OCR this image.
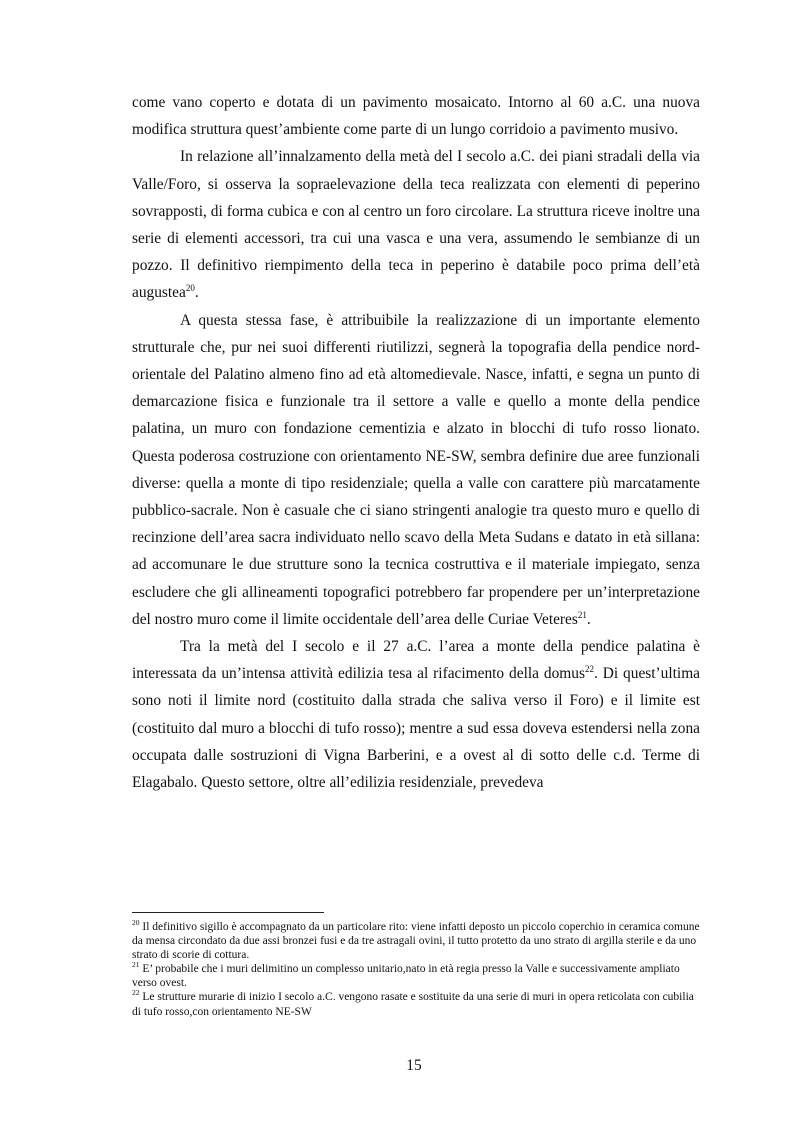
come vano coperto e dotata di un pavimento mosaicato. Intorno al 60 a.C. una nuova modifica struttura quest’ambiente come parte di un lungo corridoio a pavimento musivo.

In relazione all’innalzamento della metà del I secolo a.C. dei piani stradali della via Valle/Foro, si osserva la sopraelevazione della teca realizzata con elementi di peperino sovrapposti, di forma cubica e con al centro un foro circolare. La struttura riceve inoltre una serie di elementi accessori, tra cui una vasca e una vera, assumendo le sembianze di un pozzo. Il definitivo riempimento della teca in peperino è databile poco prima dell’età augustea$^{20}$.

A questa stessa fase, è attribuibile la realizzazione di un importante elemento strutturale che, pur nei suoi differenti riutilizzi, segnerà la topografia della pendice nord-orientale del Palatino almeno fino ad età altomedievale. Nasce, infatti, e segna un punto di demarcazione fisica e funzionale tra il settore a valle e quello a monte della pendice palatina, un muro con fondazione cementizia e alzato in blocchi di tufo rosso lionato. Questa poderosa costruzione con orientamento NE-SW, sembra definire due aree funzionali diverse: quella a monte di tipo residenziale; quella a valle con carattere più marcatamente pubblico-sacrale. Non è casuale che ci siano stringenti analogie tra questo muro e quello di recinzione dell’area sacra individuato nello scavo della Meta Sudans e datato in età sillana: ad accomunare le due strutture sono la tecnica costruttiva e il materiale impiegato, senza escludere che gli allineamenti topografici potrebbero far propendere per un’interpretazione del nostro muro come il limite occidentale dell’area delle Curiae Veteres$^{21}$.

Tra la metà del I secolo e il 27 a.C. l’area a monte della pendice palatina è interessata da un’intensa attività edilizia tesa al rifacimento della domus$^{22}$. Di quest’ultima sono noti il limite nord (costituito dalla strada che saliva verso il Foro) e il limite est (costituito dal muro a blocchi di tufo rosso); mentre a sud essa doveva estendersi nella zona occupata dalle sostruzioni di Vigna Barberini, e a ovest al di sotto delle c.d. Terme di Elagabalo. Questo settore, oltre all’edilizia residenziale, prevedeva

$^{20}$ Il definitivo sigillo è accompagnato da un particolare rito: viene infatti deposto un piccolo coperchio in ceramica comune da mensa circondato da due assi bronzei fusi e da tre astragali ovini, il tutto protetto da uno strato di argilla sterile e da uno strato di scorie di cottura.

$^{21}$ E’ probabile che i muri delimitino un complesso unitario,nato in età regia presso la Valle e successivamente ampliato verso ovest.

$^{22}$ Le strutture murarie di inizio I secolo a.C. vengono rasate e sostituite da una serie di muri in opera reticolata con cubilia di tufo rosso,con orientamento NE-SW

15
